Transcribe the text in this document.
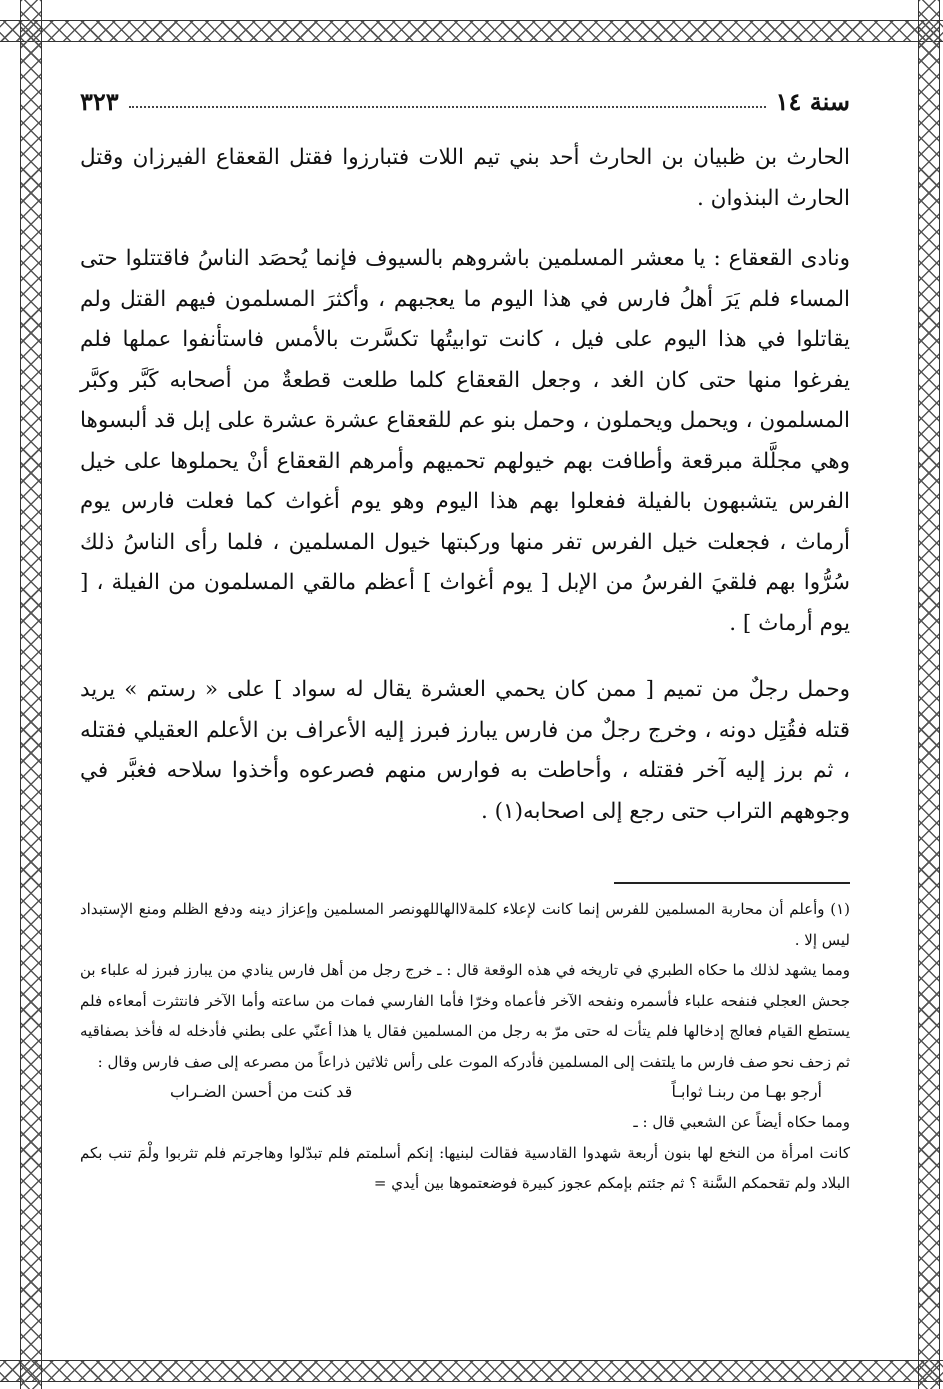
سنة ١٤
٣٢٣

الحارث بن ظبيان بن الحارث أحد بني تيم اللات فتبارزوا فقتل القعقاع الفيرزان وقتل الحارث البنذوان .

ونادى القعقاع : يا معشر المسلمين باشروهم بالسيوف فإنما يُحصَد الناسُ فاقتتلوا حتى المساء فلم يَرَ أهلُ فارس في هذا اليوم ما يعجبهم ، وأكثرَ المسلمون فيهم القتل ولم يقاتلوا في هذا اليوم على فيل ، كانت توابيتُها تكسَّرت بالأمس فاستأنفوا عملها فلم يفرغوا منها حتى كان الغد ، وجعل القعقاع كلما طلعت قطعةٌ من أصحابه كَبَّر وكبَّر المسلمون ، ويحمل ويحملون ، وحمل بنو عم للقعقاع عشرة عشرة على إبل قد ألبسوها وهي مجلَّلة مبرقعة وأطافت بهم خيولهم تحميهم وأمرهم القعقاع أنْ يحملوها على خيل الفرس يتشبهون بالفيلة ففعلوا بهم هذا اليوم وهو يوم أغواث كما فعلت فارس يوم أرماث ، فجعلت خيل الفرس تفر منها وركبتها خيول المسلمين ، فلما رأى الناسُ ذلك سُرُّوا بهم فلقيَ الفرسُ من الإبل [ يوم أغواث ] أعظم مالقي المسلمون من الفيلة ، [ يوم أرماث ] .

وحمل رجلٌ من تميم [ ممن كان يحمي العشرة يقال له سواد ] على « رستم » يريد قتله فقُتِل دونه ، وخرج رجلٌ من فارس يبارز فبرز إليه الأعراف بن الأعلم العقيلي فقتله ، ثم برز إليه آخر فقتله ، وأحاطت به فوارس منهم فصرعوه وأخذوا سلاحه فغبَّر في وجوههم التراب حتى رجع إلى اصحابه(١) .

(١) وأعلم أن محاربة المسلمين للفرس إنما كانت لإعلاء كلمةلاالهاللهونصر المسلمين وإعزاز دينه ودفع الظلم ومنع الإستبداد ليس إلا .

ومما يشهد لذلك ما حكاه الطبري في تاريخه في هذه الوقعة قال : ـ خرج رجل من أهل فارس ينادي من يبارز فبرز له علباء بن جحش العجلي فنفحه علباء فأسمره ونفحه الآخر فأعماه وخرّا فأما الفارسي فمات من ساعته وأما الآخر فانتثرت أمعاءه فلم يستطع القيام فعالج إدخالها فلم يتأت له حتى مرّ به رجل من المسلمين فقال يا هذا أعنّي على بطني فأدخله له فأخذ بصفاقيه ثم زحف نحو صف فارس ما يلتفت إلى المسلمين فأدركه الموت على رأس ثلاثين ذراعاً من مصرعه إلى صف فارس وقال :

أرجو بهـا من ربنـا ثوابـاً
قد كنت من أحسن الضـراب

ومما حكاه أيضاً عن الشعبي قال : ـ

كانت امرأة من النخع لها بنون أربعة شهدوا القادسية فقالت لبنيها: إنكم أسلمتم فلم تبدّلوا وهاجرتم فلم تثربوا ولْمَ تنب بكم البلاد ولم تقحمكم السَّنة ؟ ثم جئتم بإمكم عجوز كبيرة فوضعتموها بين أيدي =
